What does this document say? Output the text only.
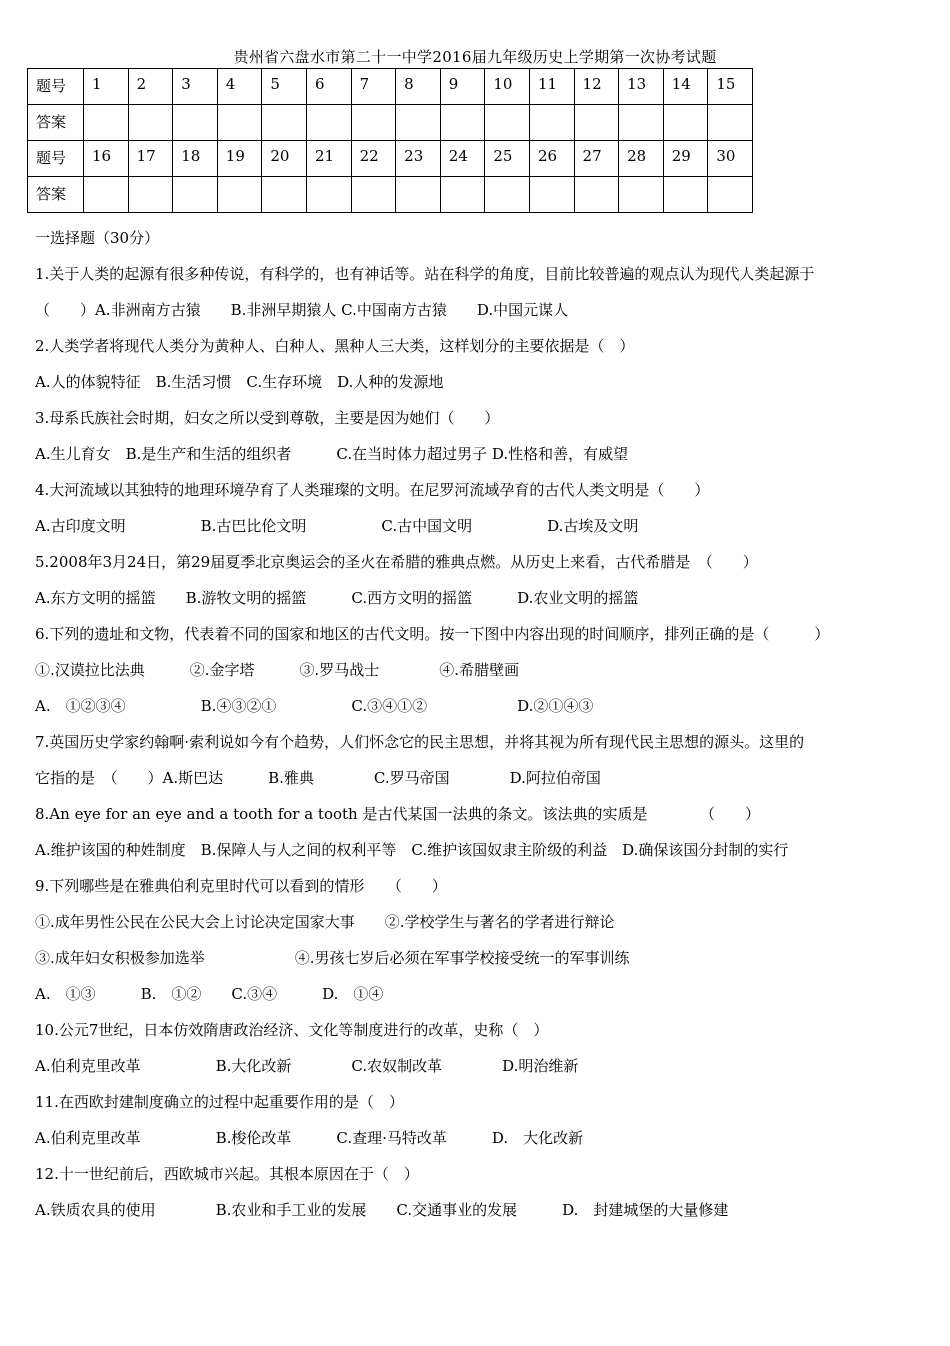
贵州省六盘水市第二十一中学2016届九年级历史上学期第一次协考试题
题号	1	2	3	4	5	6	7	8	9	10	11	12	13	14	15
答案															
题号	16	17	18	19	20	21	22	23	24	25	26	27	28	29	30
答案															
一选择题（30分）
1.关于人类的起源有很多种传说，有科学的，也有神话等。站在科学的角度，目前比较普遍的观点认为现代人类起源于
（　　）A.非洲南方古猿　　B.非洲早期猿人 C.中国南方古猿　　D.中国元谋人
2.人类学者将现代人类分为黄种人、白种人、黑种人三大类，这样划分的主要依据是（　）
A.人的体貌特征　B.生活习惯　C.生存环境　D.人种的发源地
3.母系氏族社会时期，妇女之所以受到尊敬，主要是因为她们（　　）
A.生儿育女　B.是生产和生活的组织者　　　C.在当时体力超过男子 D.性格和善，有威望
4.大河流域以其独特的地理环境孕育了人类璀璨的文明。在尼罗河流域孕育的古代人类文明是（　　）
A.古印度文明　　　　　B.古巴比伦文明　　　　　C.古中国文明　　　　　D.古埃及文明
5.2008年3月24日，第29届夏季北京奥运会的圣火在希腊的雅典点燃。从历史上来看，古代希腊是　（　　）
A.东方文明的摇篮　　B.游牧文明的摇篮　　　C.西方文明的摇篮　　　D.农业文明的摇篮
6.下列的遗址和文物，代表着不同的国家和地区的古代文明。按一下图中内容出现的时间顺序，排列正确的是（　　　）
①.汉谟拉比法典　　　②.金字塔　　　③.罗马战士　　　　④.希腊壁画
A.　①②③④　　　　　B.④③②①　　　　　C.③④①②　　　　　　D.②①④③
7.英国历史学家约翰啊·索利说如今有个趋势，人们怀念它的民主思想，并将其视为所有现代民主思想的源头。这里的
它指的是　（　　）A.斯巴达　　　B.雅典　　　　C.罗马帝国　　　　D.阿拉伯帝国
8.An eye for an eye and a tooth for a tooth 是古代某国一法典的条文。该法典的实质是　　　　（　　）
A.维护该国的种姓制度　B.保障人与人之间的权利平等　C.维护该国奴隶主阶级的利益　D.确保该国分封制的实行
9.下列哪些是在雅典伯利克里时代可以看到的情形　　（　　）
①.成年男性公民在公民大会上讨论决定国家大事　　②.学校学生与著名的学者进行辩论
③.成年妇女积极参加选举　　　　　　④.男孩七岁后必须在军事学校接受统一的军事训练
A.　①③　　　B.　①②　　C.③④　　　D.　①④
10.公元7世纪，日本仿效隋唐政治经济、文化等制度进行的改革，史称（　）
A.伯利克里改革　　　　　B.大化改新　　　　C.农奴制改革　　　　D.明治维新
11.在西欧封建制度确立的过程中起重要作用的是（　）
A.伯利克里改革　　　　　B.梭伦改革　　　C.查理·马特改革　　　D.　大化改新
12.十一世纪前后，西欧城市兴起。其根本原因在于（　）
A.铁质农具的使用　　　　B.农业和手工业的发展　　C.交通事业的发展　　　D.　封建城堡的大量修建
